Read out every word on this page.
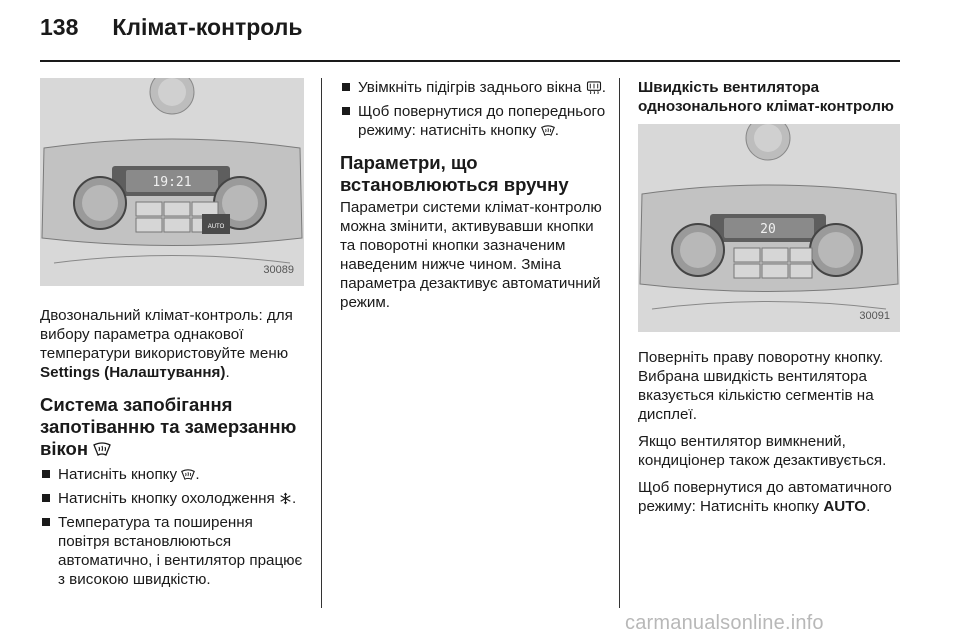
138 Клімат-контроль
19:21
AUTO
30089

Двозональний клімат-контроль: для вибору параметра однакової температури використовуйте меню Settings (Налаштування).

Система запобігання запотіванню та замерзанню вікон
Натисніть кнопку .
Натисніть кнопку охолодження .
Температура та поширення повітря встановлюються автоматично, і вентилятор працює з високою швидкістю.
Увімкніть підігрів заднього вікна .
Щоб повернутися до попереднього режиму: натисніть кнопку .
Параметри, що встановлюються вручну

Параметри системи клімат-контролю можна змінити, активувавши кнопки та поворотні кнопки зазначеним наведеним нижче чином. Зміна параметра дезактивує автоматичний режим.

Швидкість вентилятора однозонального клімат-контролю
20
30091

Поверніть праву поворотну кнопку. Вибрана швидкість вентилятора вказується кількістю сегментів на дисплеї.

Якщо вентилятор вимкнений, кондиціонер також дезактивується.

Щоб повернутися до автоматичного режиму: Натисніть кнопку AUTO.

carmanualsonline.info
